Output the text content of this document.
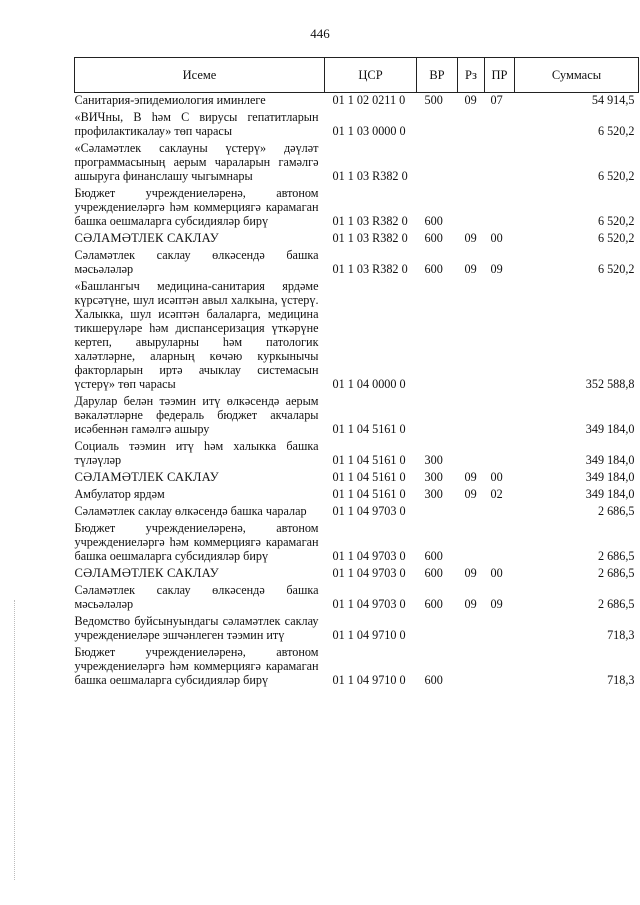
446
Исеме	ЦСР	ВР	Рз	ПР	Суммасы
Санитария-эпидемиология иминлеге	01 1 02 0211 0	500	09	07	54 914,5
«ВИЧны, В һәм С вирусы гепатитларын профилактикалау» төп чарасы	01 1 03 0000 0				6 520,2
«Сәламәтлек саклауны үстерү» дәүләт программасының аерым чараларын гамәлгә ашыруга финанслашу чыгымнары	01 1 03 R382 0				6 520,2
Бюджет учреждениеләренә, автоном учреждениеләргә һәм коммерциягә карамаган башка оешмаларга субсидияләр бирү	01 1 03 R382 0	600			6 520,2
СӘЛАМӘТЛЕК САКЛАУ	01 1 03 R382 0	600	09	00	6 520,2
Сәламәтлек саклау өлкәсендә башка мәсьәләләр	01 1 03 R382 0	600	09	09	6 520,2
«Башлангыч медицина-санитария ярдәме күрсәтүне, шул исәптән авыл халкына, үстерү. Халыкка, шул исәптән балаларга, медицина тикшерүләре һәм диспансеризация үткәрүне кертеп, авыруларны һәм патологик халәтләрне, аларның көчәю куркынычы факторларын иртә ачыклау системасын үстерү» төп чарасы	01 1 04 0000 0				352 588,8
Дарулар белән тәэмин итү өлкәсендә аерым вәкаләтләрне федераль бюджет акчалары исәбеннән гамәлгә ашыру	01 1 04 5161 0				349 184,0
Социаль тәэмин итү һәм халыкка башка түләүләр	01 1 04 5161 0	300			349 184,0
СӘЛАМӘТЛЕК САКЛАУ	01 1 04 5161 0	300	09	00	349 184,0
Амбулатор ярдәм	01 1 04 5161 0	300	09	02	349 184,0
Сәламәтлек саклау өлкәсендә башка чаралар	01 1 04 9703 0				2 686,5
Бюджет учреждениеләренә, автоном учреждениеләргә һәм коммерциягә карамаган башка оешмаларга субсидияләр бирү	01 1 04 9703 0	600			2 686,5
СӘЛАМӘТЛЕК САКЛАУ	01 1 04 9703 0	600	09	00	2 686,5
Сәламәтлек саклау өлкәсендә башка мәсьәләләр	01 1 04 9703 0	600	09	09	2 686,5
Ведомство буйсынуындагы сәламәтлек саклау учреждениеләре эшчәнлеген тәэмин итү	01 1 04 9710 0				718,3
Бюджет учреждениеләренә, автоном учреждениеләргә һәм коммерциягә карамаган башка оешмаларга субсидияләр бирү	01 1 04 9710 0	600			718,3
